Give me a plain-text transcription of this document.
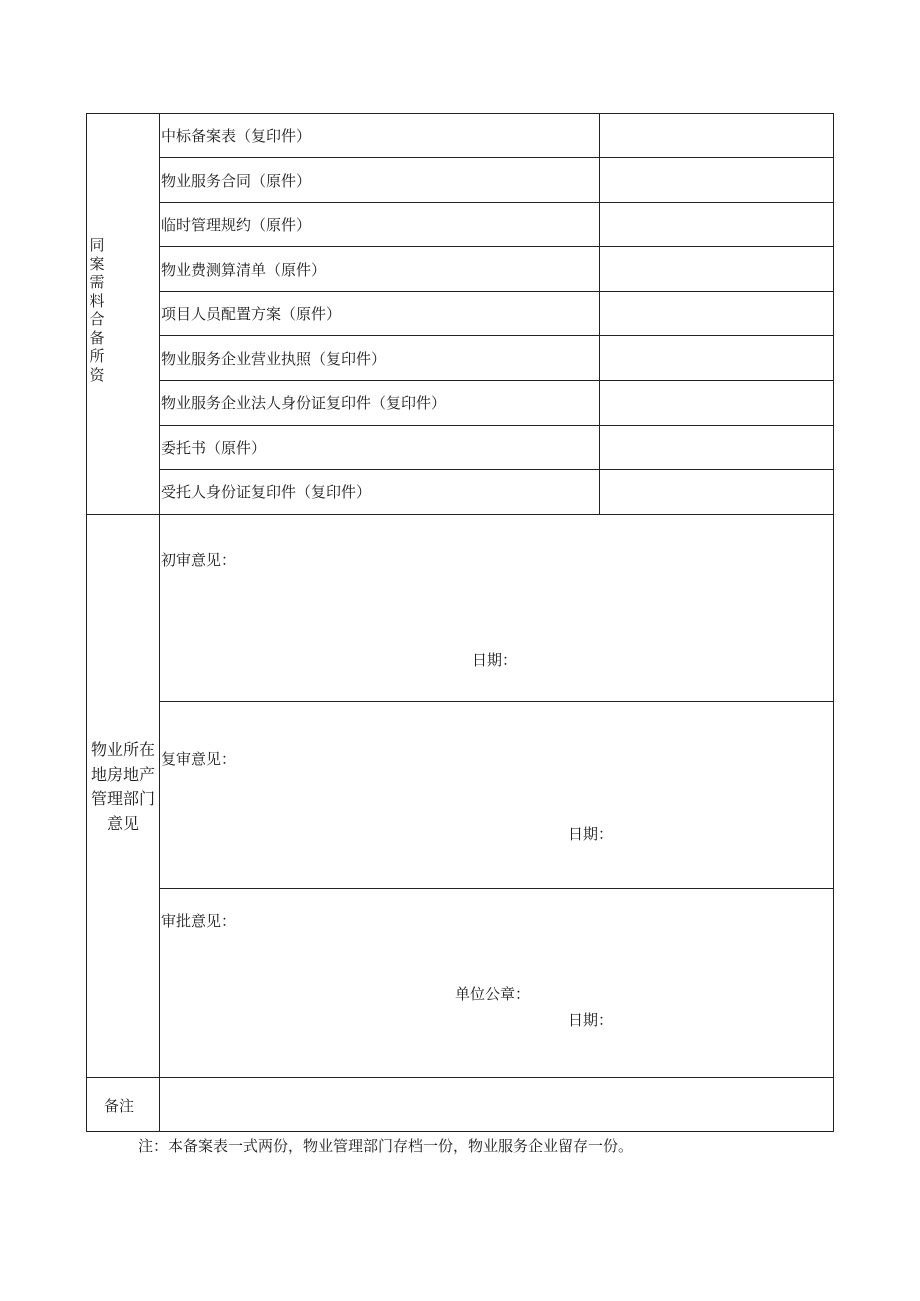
同案需料合备所资
中标备案表（复印件）
物业服务合同（原件）
临时管理规约（原件）
物业费测算清单（原件）
项目人员配置方案（原件）
物业服务企业营业执照（复印件）
物业服务企业法人身份证复印件（复印件）
委托书（原件）
受托人身份证复印件（复印件）
物业所在地房地产管理部门意见
初审意见：
日期：
复审意见：
日期：
审批意见：
单位公章：
日期：
备注
注：本备案表一式两份，物业管理部门存档一份，物业服务企业留存一份。
